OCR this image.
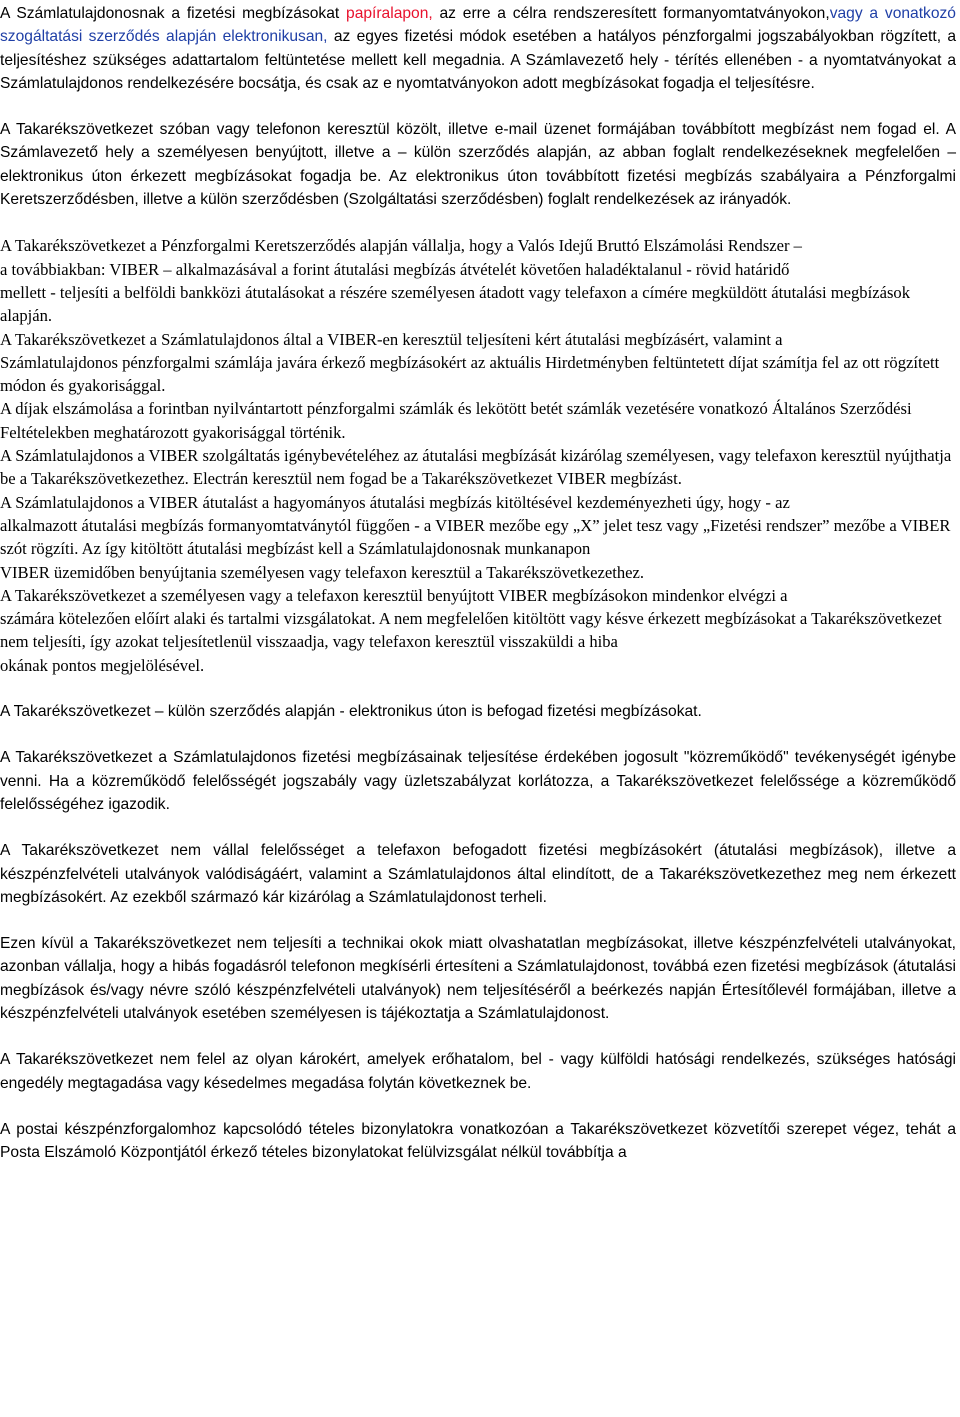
A Számlatulajdonosnak a fizetési megbízásokat papíralapon, az erre a célra rendszeresített formanyomtatványokon,vagy a vonatkozó szogáltatási szerződés alapján elektronikusan, az egyes fizetési módok esetében a hatályos pénzforgalmi jogszabályokban rögzített, a teljesítéshez szükséges adattartalom feltüntetése mellett kell megadnia. A Számlavezető hely - térítés ellenében - a nyomtatványokat a Számlatulajdonos rendelkezésére bocsátja, és csak az e nyomtatványokon adott megbízásokat fogadja el teljesítésre.

A Takarékszövetkezet szóban vagy telefonon keresztül közölt, illetve e-mail üzenet formájában továbbított megbízást nem fogad el. A Számlavezető hely a személyesen benyújtott, illetve a – külön szerződés alapján, az abban foglalt rendelkezéseknek megfelelően – elektronikus úton érkezett megbízásokat fogadja be. Az elektronikus úton továbbított fizetési megbízás szabályaira a Pénzforgalmi Keretszerződésben, illetve a külön szerződésben (Szolgáltatási szerződésben) foglalt rendelkezések az irányadók.

A Takarékszövetkezet a Pénzforgalmi Keretszerződés alapján vállalja, hogy a Valós Idejű Bruttó Elszámolási Rendszer –
a továbbiakban: VIBER – alkalmazásával a forint átutalási megbízás átvételét követően haladéktalanul - rövid határidő
mellett - teljesíti a belföldi bankközi átutalásokat a részére személyesen átadott vagy telefaxon a címére megküldött átutalási megbízások alapján.
A Takarékszövetkezet a Számlatulajdonos által a VIBER-en keresztül teljesíteni kért átutalási megbízásért, valamint a
Számlatulajdonos pénzforgalmi számlája javára érkező megbízásokért az aktuális Hirdetményben feltüntetett díjat számítja fel az ott rögzített módon és gyakorisággal.
A díjak elszámolása a forintban nyilvántartott pénzforgalmi számlák és lekötött betét számlák vezetésére vonatkozó Általános Szerződési Feltételekben meghatározott gyakorisággal történik.
A Számlatulajdonos a VIBER szolgáltatás igénybevételéhez az átutalási megbízását kizárólag személyesen, vagy telefaxon keresztül nyújthatja be a Takarékszövetkezethez. Electrán keresztül nem fogad be a Takarékszövetkezet VIBER megbízást.
A Számlatulajdonos a VIBER átutalást a hagyományos átutalási megbízás kitöltésével kezdeményezheti úgy, hogy - az
alkalmazott átutalási megbízás formanyomtatványtól függően - a VIBER mezőbe egy „X” jelet tesz vagy „Fizetési rendszer” mezőbe a VIBER szót rögzíti. Az így kitöltött átutalási megbízást kell a Számlatulajdonosnak munkanapon
VIBER üzemidőben benyújtania személyesen vagy telefaxon keresztül a Takarékszövetkezethez.
A Takarékszövetkezet a személyesen vagy a telefaxon keresztül benyújtott VIBER megbízásokon mindenkor elvégzi a
számára kötelezően előírt alaki és tartalmi vizsgálatokat. A nem megfelelően kitöltött vagy késve érkezett megbízásokat a Takarékszövetkezet nem teljesíti, így azokat teljesítetlenül visszaadja, vagy telefaxon keresztül visszaküldi a hiba
okának pontos megjelölésével.

A Takarékszövetkezet – külön szerződés alapján - elektronikus úton is befogad fizetési megbízásokat.

A Takarékszövetkezet a Számlatulajdonos fizetési megbízásainak teljesítése érdekében jogosult "közreműködő" tevékenységét igénybe venni. Ha a közreműködő felelősségét jogszabály vagy üzletszabályzat korlátozza, a Takarékszövetkezet felelőssége a közreműködő felelősségéhez igazodik.

A Takarékszövetkezet nem vállal felelősséget a telefaxon befogadott fizetési megbízásokért (átutalási megbízások), illetve a készpénzfelvételi utalványok valódiságáért, valamint a Számlatulajdonos által elindított, de a Takarékszövetkezethez meg nem érkezett megbízásokért. Az ezekből származó kár kizárólag a Számlatulajdonost terheli.

Ezen kívül a Takarékszövetkezet nem teljesíti a technikai okok miatt olvashatatlan megbízásokat, illetve készpénzfelvételi utalványokat, azonban vállalja, hogy a hibás fogadásról telefonon megkísérli értesíteni a Számlatulajdonost, továbbá ezen fizetési megbízások (átutalási megbízások és/vagy névre szóló készpénzfelvételi utalványok) nem teljesítéséről a beérkezés napján Értesítőlevél formájában, illetve a készpénzfelvételi utalványok esetében személyesen is tájékoztatja a Számlatulajdonost.

A Takarékszövetkezet nem felel az olyan károkért, amelyek erőhatalom, bel - vagy külföldi hatósági rendelkezés, szükséges hatósági engedély megtagadása vagy késedelmes megadása folytán következnek be.

A postai készpénzforgalomhoz kapcsolódó tételes bizonylatokra vonatkozóan a Takarékszövetkezet közvetítői szerepet végez, tehát a Posta Elszámoló Központjától érkező tételes bizonylatokat felülvizsgálat nélkül továbbítja a
